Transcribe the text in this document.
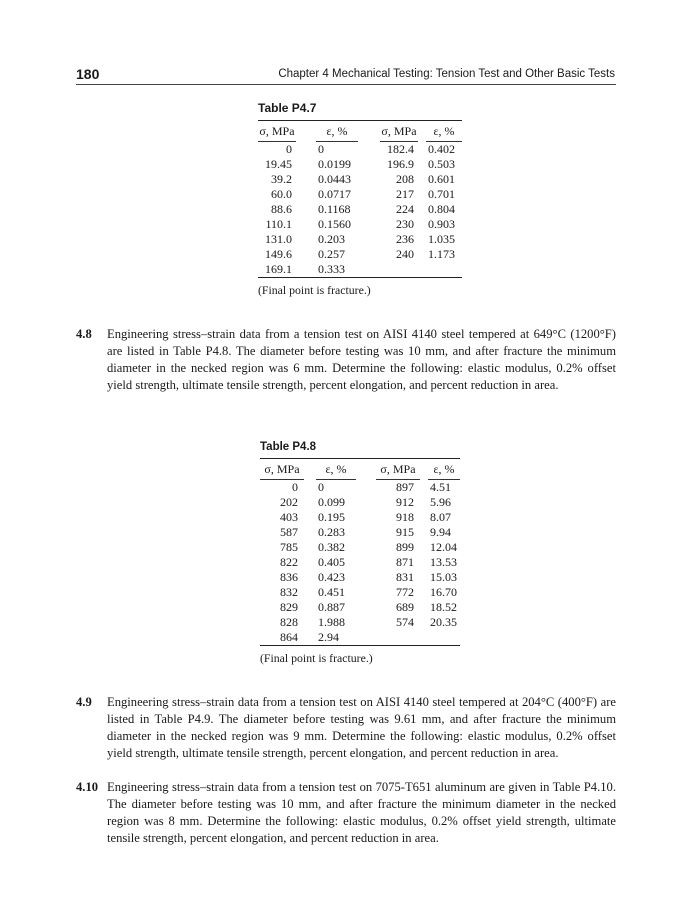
180	Chapter 4 Mechanical Testing: Tension Test and Other Basic Tests
Table P4.7
σ, MPa		ε, %		σ, MPa		ε, %
0		0		182.4		0.402
19.45		0.0199		196.9		0.503
39.2		0.0443		208		0.601
60.0		0.0717		217		0.701
88.6		0.1168		224		0.804
110.1		0.1560		230		0.903
131.0		0.203		236		1.035
149.6		0.257		240		1.173
169.1		0.333				
(Final point is fracture.)
4.8	Engineering stress–strain data from a tension test on AISI 4140 steel tempered at 649°C (1200°F) are listed in Table P4.8. The diameter before testing was 10 mm, and after fracture the minimum diameter in the necked region was 6 mm. Determine the following: elastic modulus, 0.2% offset yield strength, ultimate tensile strength, percent elongation, and percent reduction in area.
Table P4.8
σ, MPa		ε, %		σ, MPa		ε, %
0		0		897		4.51
202		0.099		912		5.96
403		0.195		918		8.07
587		0.283		915		9.94
785		0.382		899		12.04
822		0.405		871		13.53
836		0.423		831		15.03
832		0.451		772		16.70
829		0.887		689		18.52
828		1.988		574		20.35
864		2.94				
(Final point is fracture.)
4.9	Engineering stress–strain data from a tension test on AISI 4140 steel tempered at 204°C (400°F) are listed in Table P4.9. The diameter before testing was 9.61 mm, and after fracture the minimum diameter in the necked region was 9 mm. Determine the following: elastic modulus, 0.2% offset yield strength, ultimate tensile strength, percent elongation, and percent reduction in area.
4.10 Engineering stress–strain data from a tension test on 7075-T651 aluminum are given in Table P4.10. The diameter before testing was 10 mm, and after fracture the minimum diameter in the necked region was 8 mm. Determine the following: elastic modulus, 0.2% offset yield strength, ultimate tensile strength, percent elongation, and percent reduction in area.
